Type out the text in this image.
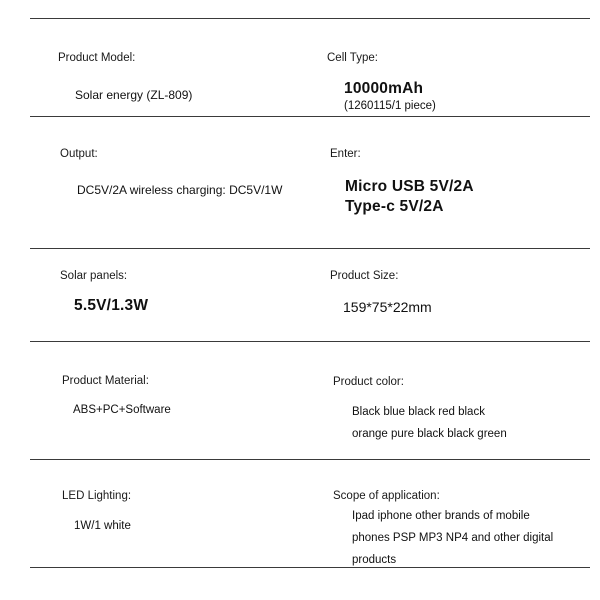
Product Model:
Solar energy (ZL-809)
Cell Type:
10000mAh
(1260115/1 piece)
Output:
DC5V/2A wireless charging: DC5V/1W
Enter:
Micro USB 5V/2A
Type-c 5V/2A
Solar panels:
5.5V/1.3W
Product Size:
159*75*22mm
Product Material:
ABS+PC+Software
Product color:
Black blue black red black
orange pure black black green
LED Lighting:
1W/1 white
Scope of application:
Ipad iphone other brands of mobile
phones PSP MP3 NP4 and other digital
products
